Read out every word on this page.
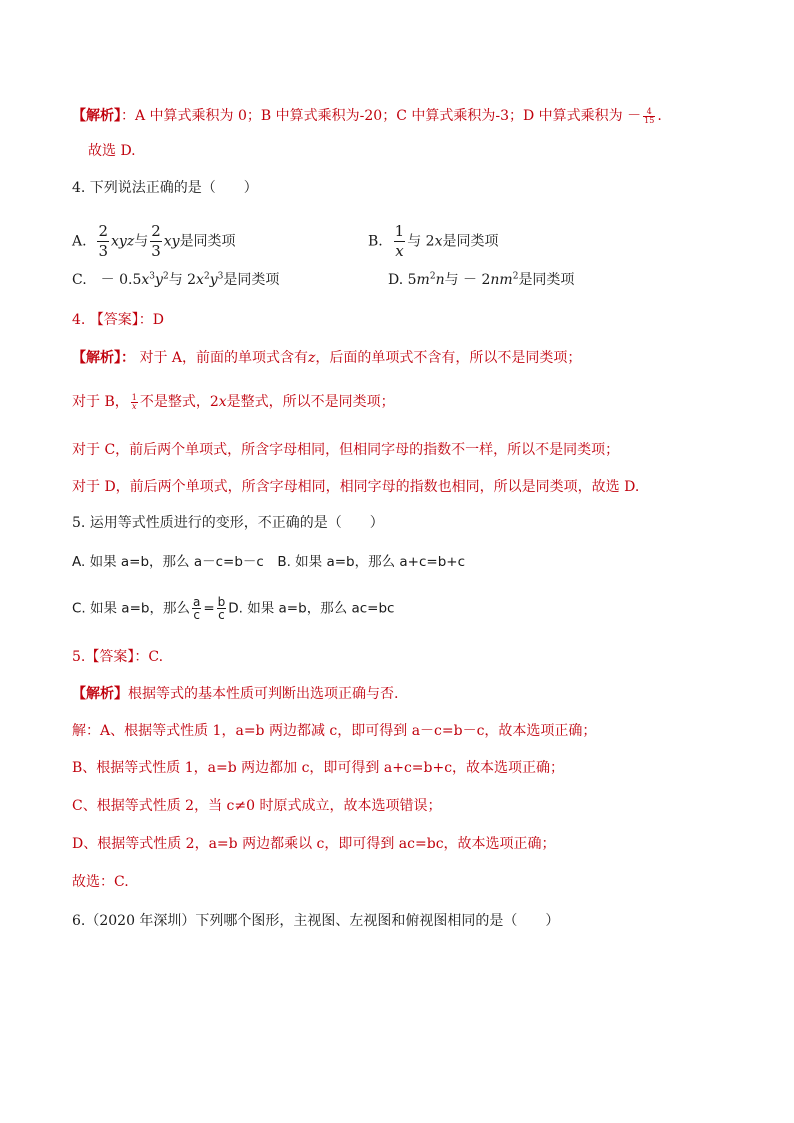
【解析】：A 中算式乘积为 0；B 中算式乘积为-20；C 中算式乘积为-3；D 中算式乘积为 － $\frac{4}{15}$ .
故选 D.
4. 下列说法正确的是（　　）
A. $\frac{2}{3}$ xyz与 $\frac{2}{3}$ xy是同类项	B. $\frac{1}{x}$ 与 2x是同类项
C.　－ $0.5x^3y^2$与 $2x^2y^3$是同类项	D. $5m^2n$与 － $2nm^2$是同类项
4. 【答案】：D
【解析】： 对于 A，前面的单项式含有z，后面的单项式不含有，所以不是同类项；
对于 B， $\frac{1}{x}$ 不是整式，2x是整式，所以不是同类项；
对于 C，前后两个单项式，所含字母相同，但相同字母的指数不一样，所以不是同类项；
对于 D，前后两个单项式，所含字母相同，相同字母的指数也相同，所以是同类项，故选 D.
5. 运用等式性质进行的变形，不正确的是（　　）
A. 如果 a=b，那么 a－c=b－c　B. 如果 a=b，那么 a+c=b+c
C. 如果 a=b，那么 $\frac{a}{c} = \frac{b}{c} D$. 如果 a=b，那么 ac=bc
5.【答案】：C.
【解析】根据等式的基本性质可判断出选项正确与否.
解：A、根据等式性质 1，a=b 两边都减 c，即可得到 a－c=b－c，故本选项正确；
B、根据等式性质 1，a=b 两边都加 c，即可得到 a+c=b+c，故本选项正确；
C、根据等式性质 2，当 c≠0 时原式成立，故本选项错误；
D、根据等式性质 2，a=b 两边都乘以 c，即可得到 ac=bc，故本选项正确；
故选：C.
6.（2020 年深圳）下列哪个图形，主视图、左视图和俯视图相同的是（　　）
